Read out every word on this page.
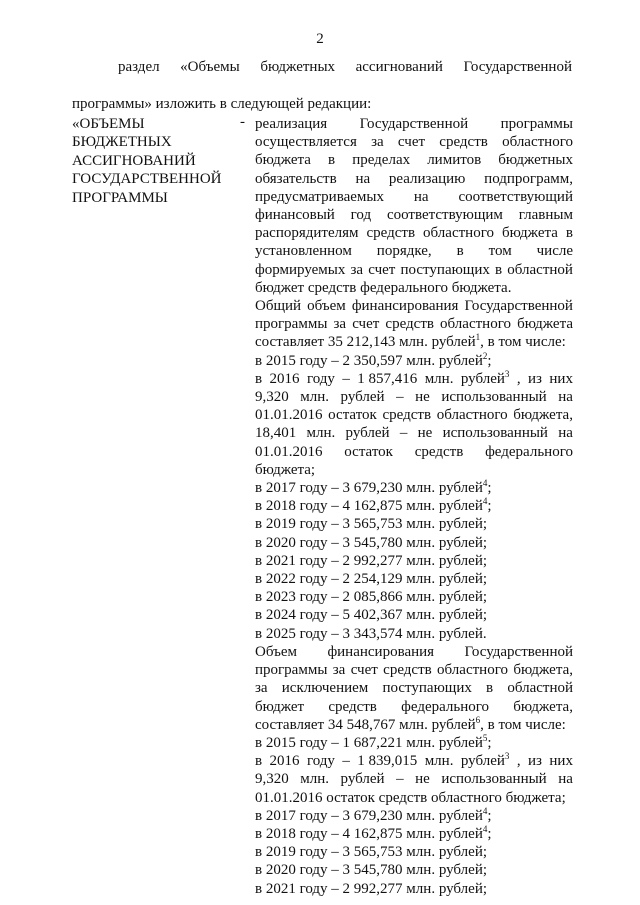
2
раздел «Объемы бюджетных ассигнований Государственной
программы» изложить в следующей редакции:
«ОБЪЕМЫ
БЮДЖЕТНЫХ
АССИГНОВАНИЙ
ГОСУДАРСТВЕННОЙ
ПРОГРАММЫ
- реализация Государственной программы
осуществляется за счет средств областного
бюджета в пределах лимитов бюджетных
обязательств на реализацию подпрограмм,
предусматриваемых на соответствующий
финансовый год соответствующим главным
распорядителям средств областного бюджета в
установленном порядке, в том числе
формируемых за счет поступающих в областной
бюджет средств федерального бюджета.
Общий объем финансирования Государственной
программы за счет средств областного бюджета
составляет 35 212,143 млн. рублей$^1$, в том числе:
в 2015 году – 2 350,597 млн. рублей$^2$;
в 2016 году – 1 857,416 млн. рублей$^3$ , из них
9,320 млн. рублей – не использованный на
01.01.2016 остаток средств областного бюджета,
18,401 млн. рублей – не использованный на
01.01.2016 остаток средств федерального
бюджета;
в 2017 году – 3 679,230 млн. рублей$^4$;
в 2018 году – 4 162,875 млн. рублей$^4$;
в 2019 году – 3 565,753 млн. рублей;
в 2020 году – 3 545,780 млн. рублей;
в 2021 году – 2 992,277 млн. рублей;
в 2022 году – 2 254,129 млн. рублей;
в 2023 году – 2 085,866 млн. рублей;
в 2024 году – 5 402,367 млн. рублей;
в 2025 году – 3 343,574 млн. рублей.
Объем финансирования Государственной
программы за счет средств областного бюджета,
за исключением поступающих в областной
бюджет средств федерального бюджета,
составляет 34 548,767 млн. рублей$^6$, в том числе:
в 2015 году – 1 687,221 млн. рублей$^5$;
в 2016 году – 1 839,015 млн. рублей$^3$ , из них
9,320 млн. рублей – не использованный на
01.01.2016 остаток средств областного бюджета;
в 2017 году – 3 679,230 млн. рублей$^4$;
в 2018 году – 4 162,875 млн. рублей$^4$;
в 2019 году – 3 565,753 млн. рублей;
в 2020 году – 3 545,780 млн. рублей;
в 2021 году – 2 992,277 млн. рублей;
